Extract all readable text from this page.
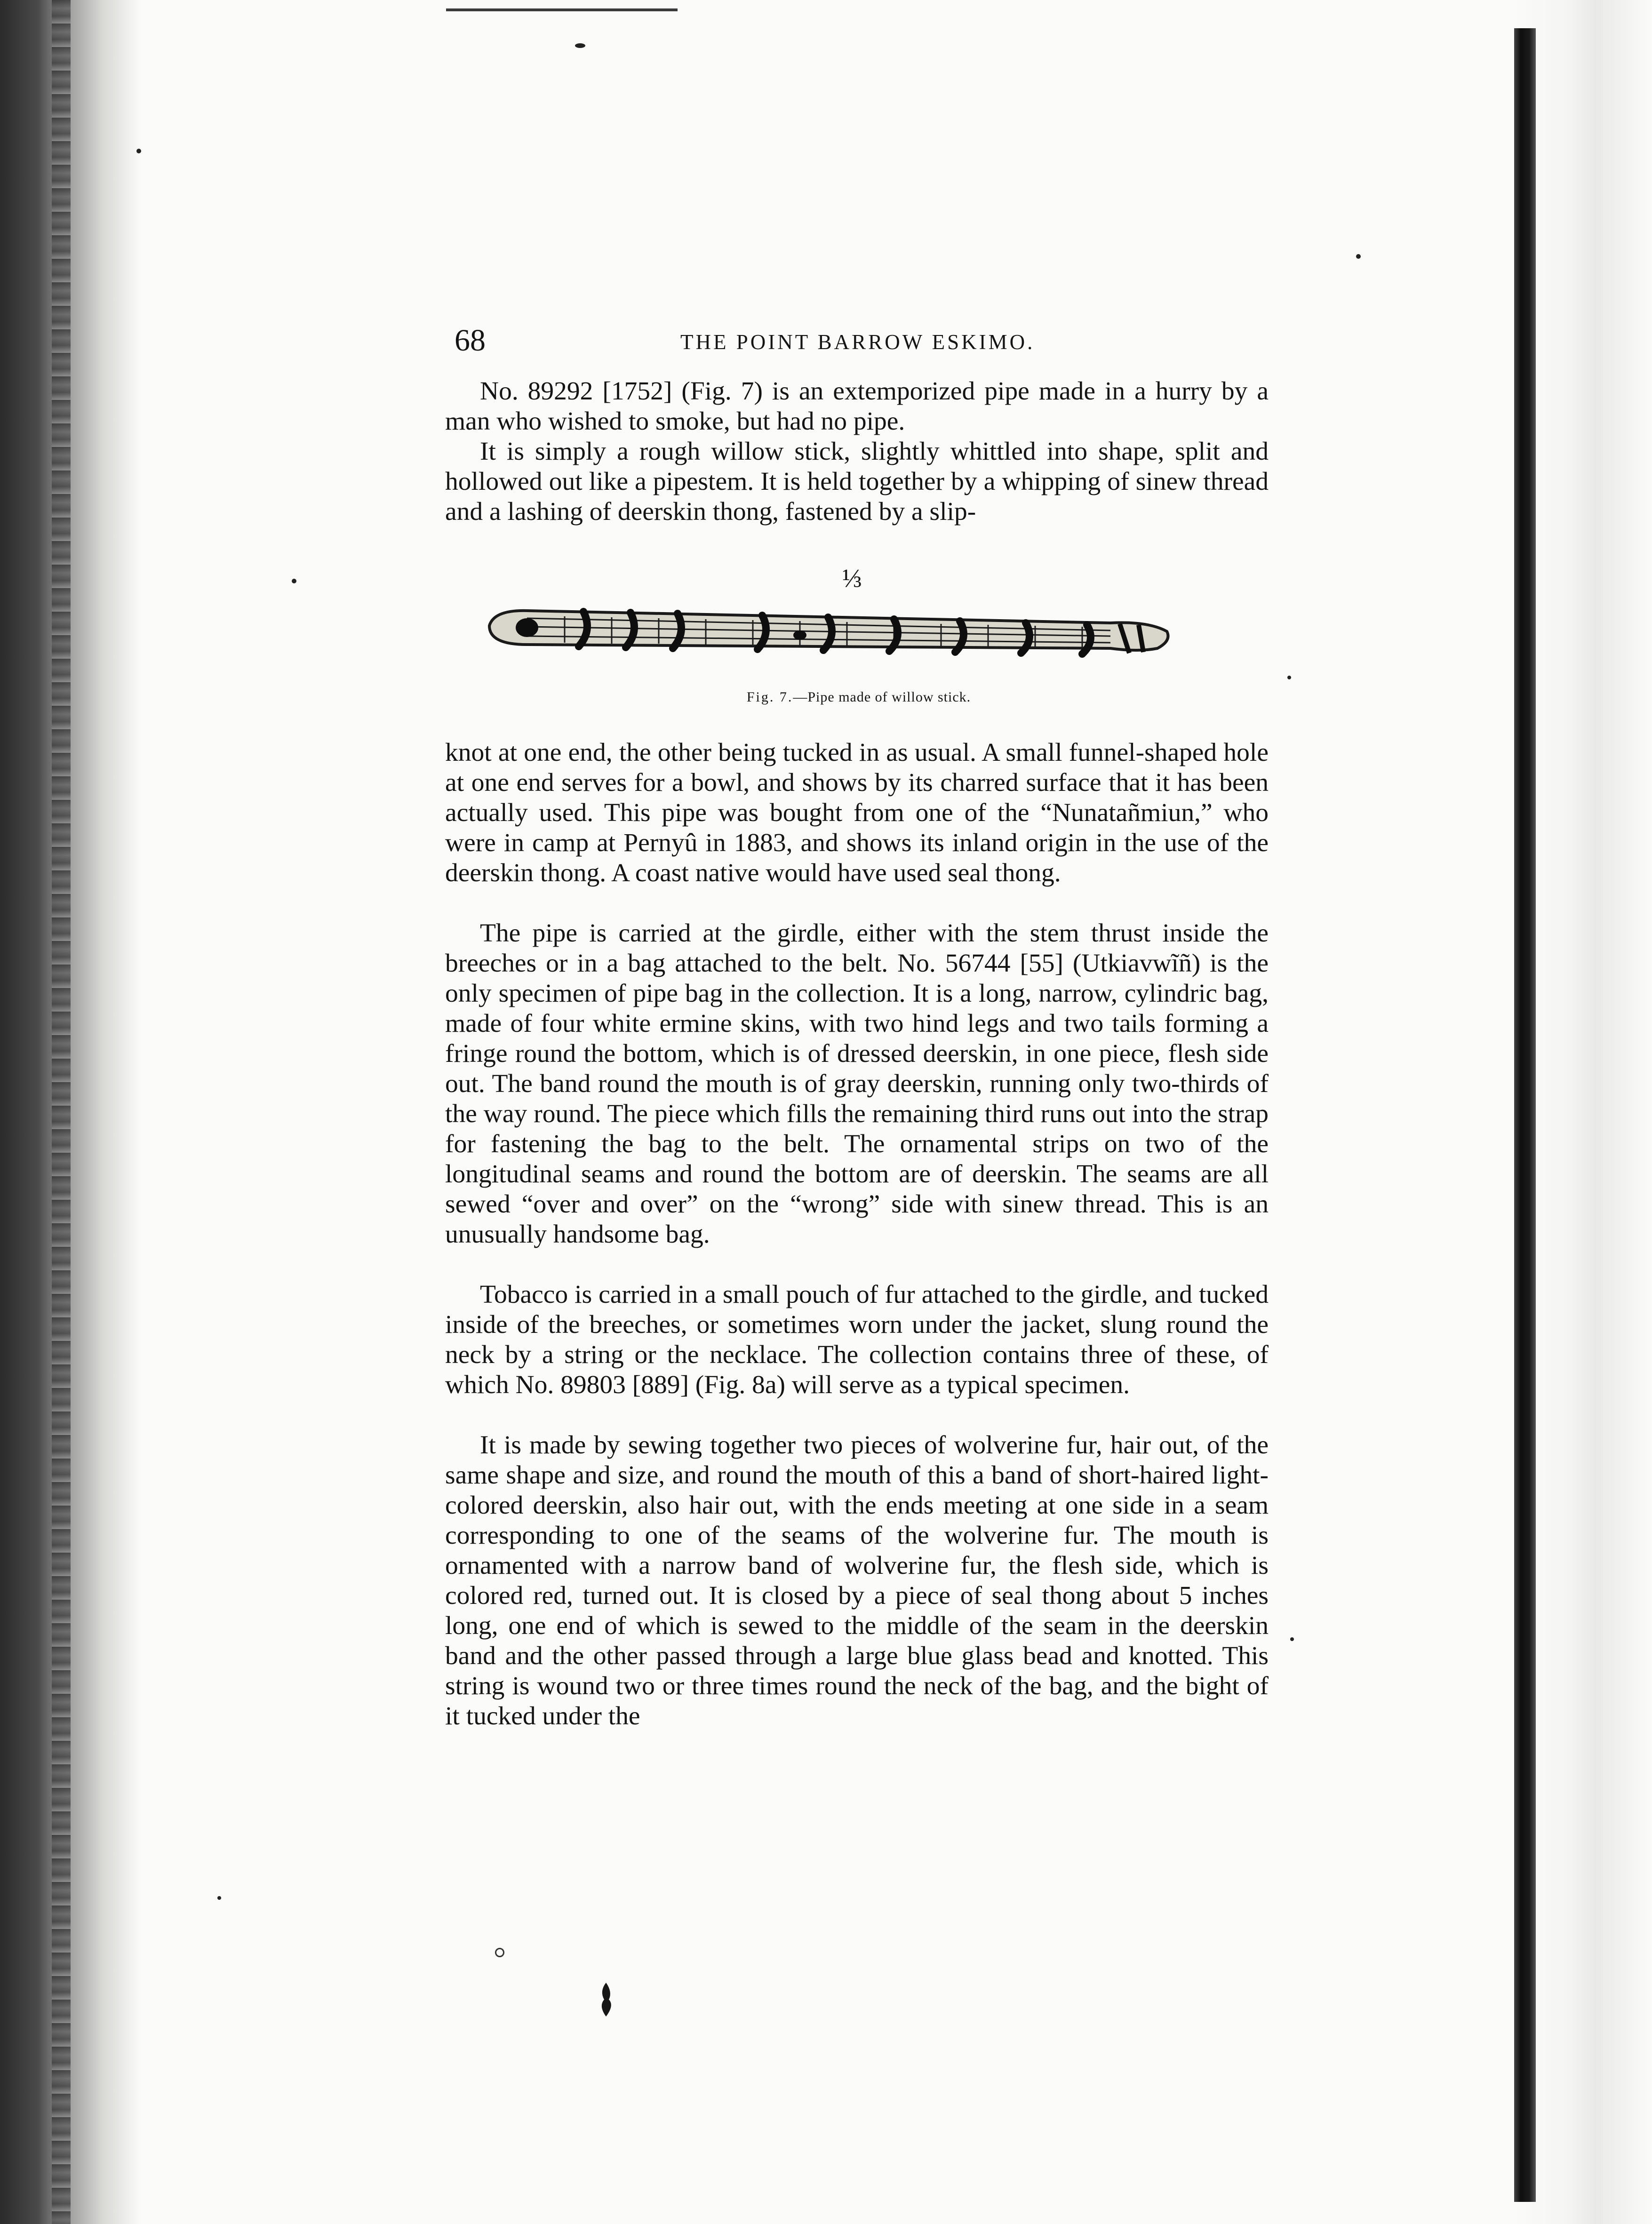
68	THE POINT BARROW ESKIMO.

No. 89292 [1752] (Fig. 7) is an extemporized pipe made in a hurry by a man who wished to smoke, but had no pipe.

It is simply a rough willow stick, slightly whittled into shape, split and hollowed out like a pipestem. It is held together by a whipping of sinew thread and a lashing of deerskin thong, fastened by a slip-

⅓
Fig. 7.—Pipe made of willow stick.

knot at one end, the other being tucked in as usual. A small funnel-shaped hole at one end serves for a bowl, and shows by its charred surface that it has been actually used. This pipe was bought from one of the “Nunatañmiun,” who were in camp at Pernyû in 1883, and shows its inland origin in the use of the deerskin thong. A coast native would have used seal thong.

The pipe is carried at the girdle, either with the stem thrust inside the breeches or in a bag attached to the belt. No. 56744 [55] (Utkiavwĩñ) is the only specimen of pipe bag in the collection. It is a long, narrow, cylindric bag, made of four white ermine skins, with two hind legs and two tails forming a fringe round the bottom, which is of dressed deerskin, in one piece, flesh side out. The band round the mouth is of gray deerskin, running only two-thirds of the way round. The piece which fills the remaining third runs out into the strap for fastening the bag to the belt. The ornamental strips on two of the longitudinal seams and round the bottom are of deerskin. The seams are all sewed “over and over” on the “wrong” side with sinew thread. This is an unusually handsome bag.

Tobacco is carried in a small pouch of fur attached to the girdle, and tucked inside of the breeches, or sometimes worn under the jacket, slung round the neck by a string or the necklace. The collection contains three of these, of which No. 89803 [889] (Fig. 8a) will serve as a typical specimen.

It is made by sewing together two pieces of wolverine fur, hair out, of the same shape and size, and round the mouth of this a band of short-haired light-colored deerskin, also hair out, with the ends meeting at one side in a seam corresponding to one of the seams of the wolverine fur. The mouth is ornamented with a narrow band of wolverine fur, the flesh side, which is colored red, turned out. It is closed by a piece of seal thong about 5 inches long, one end of which is sewed to the middle of the seam in the deerskin band and the other passed through a large blue glass bead and knotted. This string is wound two or three times round the neck of the bag, and the bight of it tucked under the
